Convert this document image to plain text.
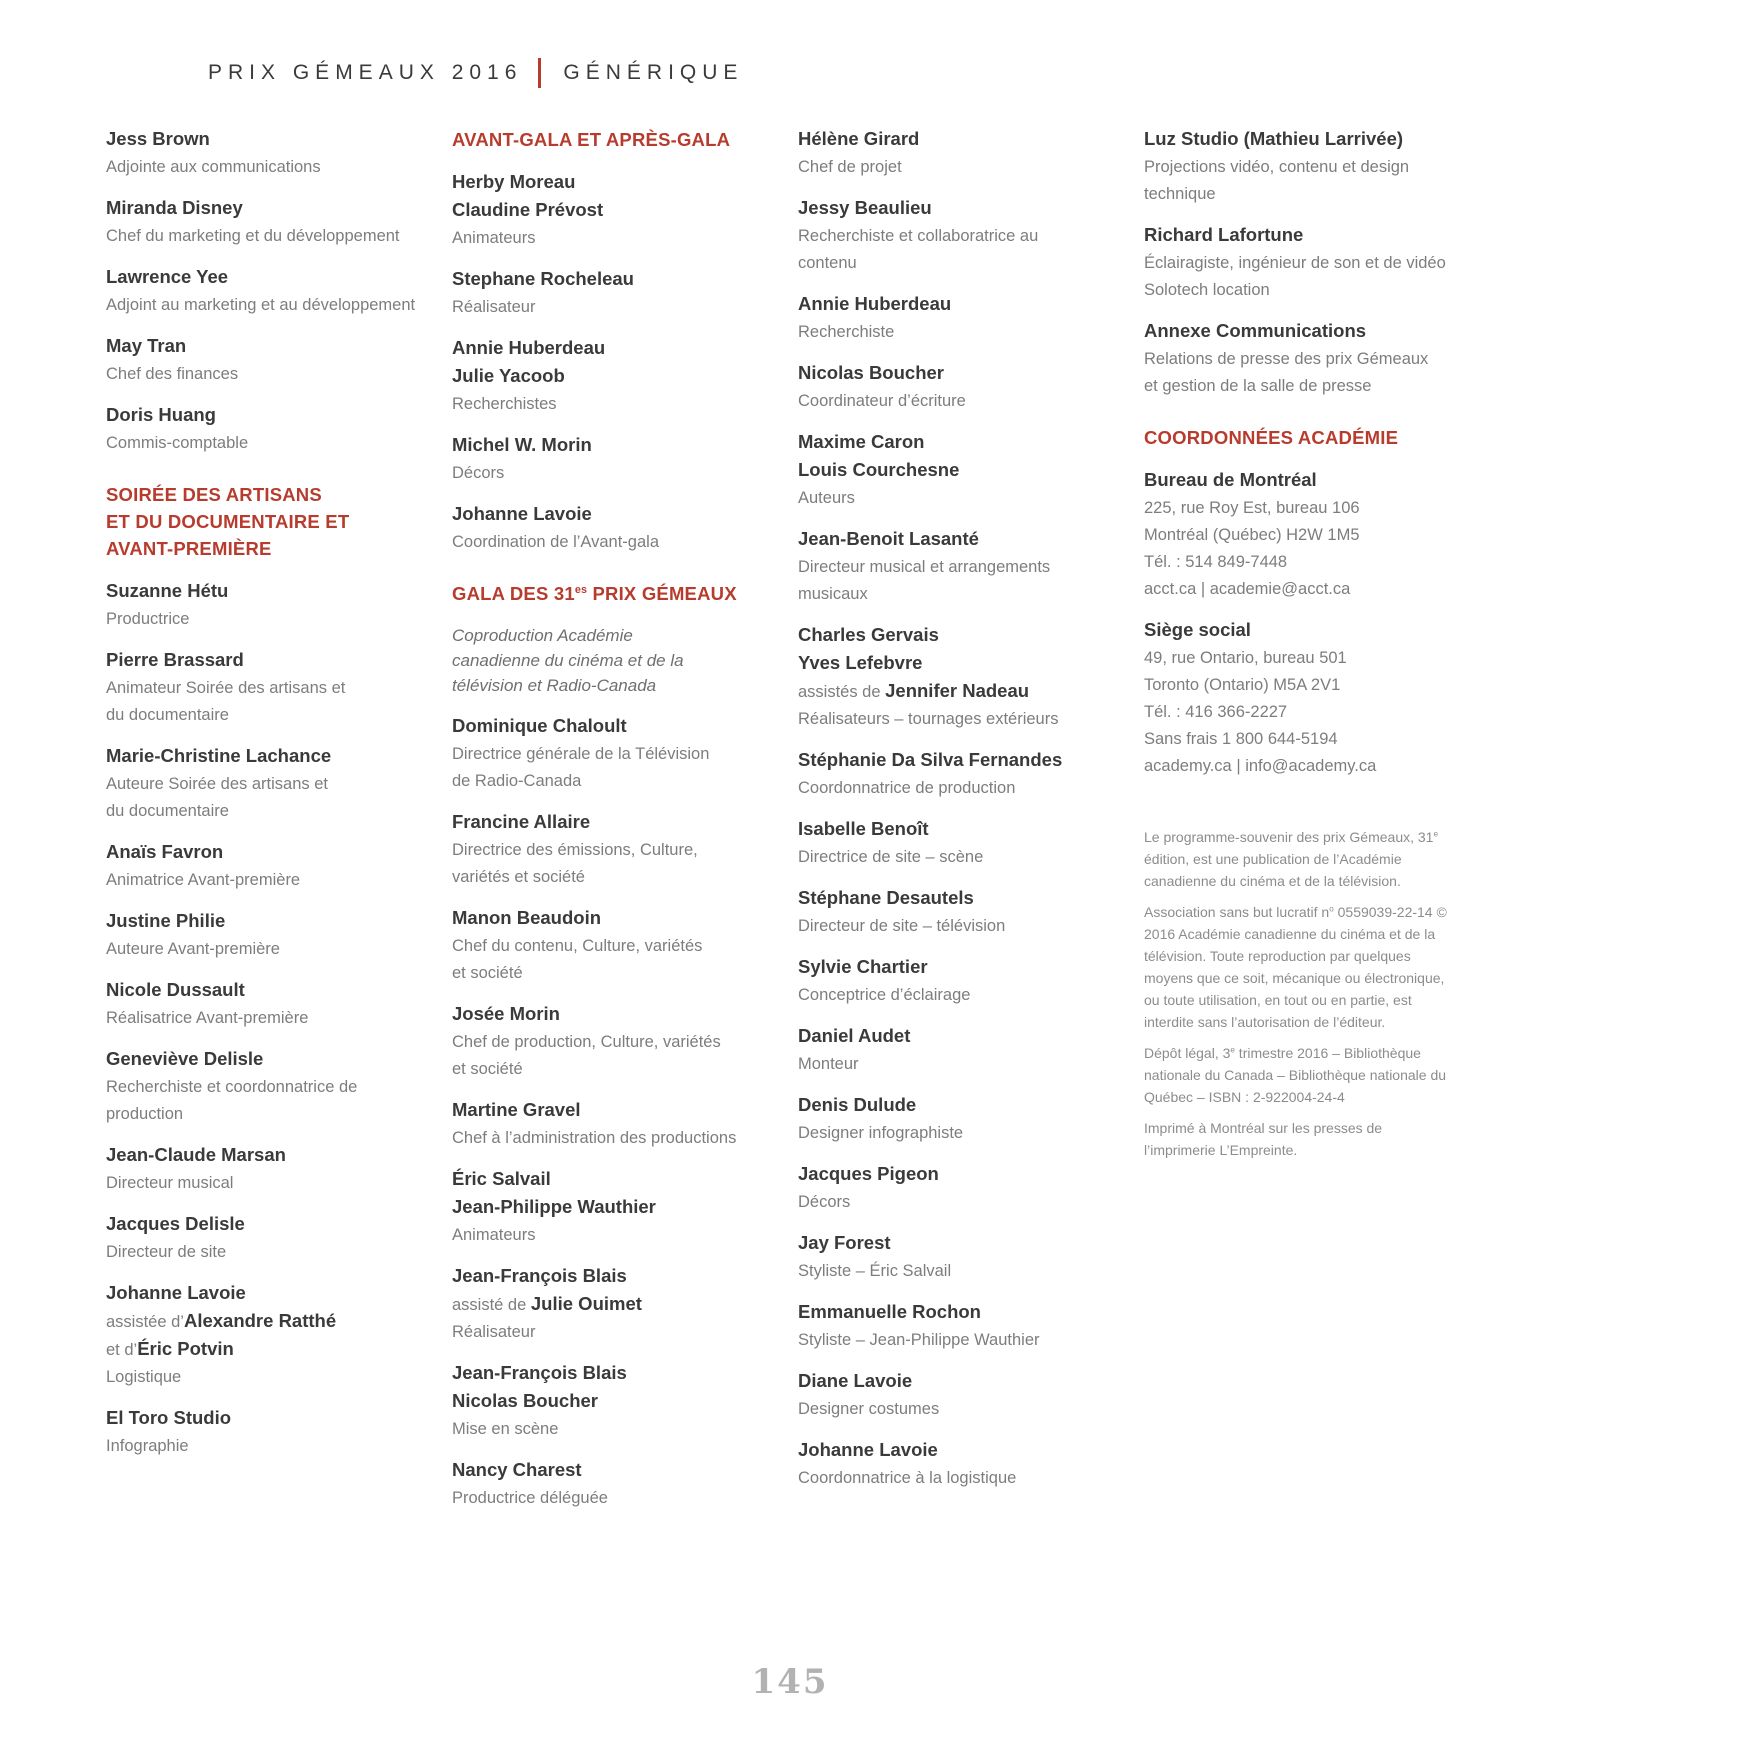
PRIX GÉMEAUX 2016 GÉNÉRIQUE
Jess Brown
Adjointe aux communications
Miranda Disney
Chef du marketing et du développement
Lawrence Yee
Adjoint au marketing et au développement
May Tran
Chef des finances
Doris Huang
Commis-comptable
SOIRÉE DES ARTISANS
ET DU DOCUMENTAIRE ET
AVANT-PREMIÈRE
Suzanne Hétu
Productrice
Pierre Brassard
Animateur Soirée des artisans et
du documentaire
Marie-Christine Lachance
Auteure Soirée des artisans et
du documentaire
Anaïs Favron
Animatrice Avant-première
Justine Philie
Auteure Avant-première
Nicole Dussault
Réalisatrice Avant-première
Geneviève Delisle
Recherchiste et coordonnatrice de
production
Jean-Claude Marsan
Directeur musical
Jacques Delisle
Directeur de site
Johanne Lavoie
assistée d’Alexandre Ratthé
et d’Éric Potvin
Logistique
El Toro Studio
Infographie
AVANT-GALA ET APRÈS-GALA
Herby Moreau
Claudine Prévost
Animateurs
Stephane Rocheleau
Réalisateur
Annie Huberdeau
Julie Yacoob
Recherchistes
Michel W. Morin
Décors
Johanne Lavoie
Coordination de l’Avant-gala
GALA DES $31^{es}$ PRIX GÉMEAUX
Coproduction Académie
canadienne du cinéma et de la
télévision et Radio-Canada
Dominique Chaloult
Directrice générale de la Télévision
de Radio-Canada
Francine Allaire
Directrice des émissions, Culture,
variétés et société
Manon Beaudoin
Chef du contenu, Culture, variétés
et société
Josée Morin
Chef de production, Culture, variétés
et société
Martine Gravel
Chef à l’administration des productions
Éric Salvail
Jean-Philippe Wauthier
Animateurs
Jean-François Blais
assisté de Julie Ouimet
Réalisateur
Jean-François Blais
Nicolas Boucher
Mise en scène
Nancy Charest
Productrice déléguée
Hélène Girard
Chef de projet
Jessy Beaulieu
Recherchiste et collaboratrice au
contenu
Annie Huberdeau
Recherchiste
Nicolas Boucher
Coordinateur d’écriture
Maxime Caron
Louis Courchesne
Auteurs
Jean-Benoit Lasanté
Directeur musical et arrangements
musicaux
Charles Gervais
Yves Lefebvre
assistés de Jennifer Nadeau
Réalisateurs – tournages extérieurs
Stéphanie Da Silva Fernandes
Coordonnatrice de production
Isabelle Benoît
Directrice de site – scène
Stéphane Desautels
Directeur de site – télévision
Sylvie Chartier
Conceptrice d’éclairage
Daniel Audet
Monteur
Denis Dulude
Designer infographiste
Jacques Pigeon
Décors
Jay Forest
Styliste – Éric Salvail
Emmanuelle Rochon
Styliste – Jean-Philippe Wauthier
Diane Lavoie
Designer costumes
Johanne Lavoie
Coordonnatrice à la logistique
Luz Studio (Mathieu Larrivée)
Projections vidéo, contenu et design
technique
Richard Lafortune
Éclairagiste, ingénieur de son et de vidéo
Solotech location
Annexe Communications
Relations de presse des prix Gémeaux
et gestion de la salle de presse
COORDONNÉES ACADÉMIE
Bureau de Montréal
225, rue Roy Est, bureau 106
Montréal (Québec) H2W 1M5
Tél. : 514 849-7448
acct.ca | academie@acct.ca
Siège social
49, rue Ontario, bureau 501
Toronto (Ontario) M5A 2V1
Tél. : 416 366-2227
Sans frais 1 800 644-5194
academy.ca | info@academy.ca
Le programme-souvenir des prix Gémeaux, 31e édition, est une publication de l’Académie canadienne du cinéma et de la télévision.
Association sans but lucratif $n^o$ 0559039-22-14 © 2016 Académie canadienne du cinéma et de la télévision. Toute reproduction par quelques moyens que ce soit, mécanique ou électronique, ou toute utilisation, en tout ou en partie, est interdite sans l’autorisation de l’éditeur.
Dépôt légal, 3e trimestre 2016 – Bibliothèque nationale du Canada – Bibliothèque nationale du Québec – ISBN : 2-922004-24-4
Imprimé à Montréal sur les presses de l’imprimerie L’Empreinte.
145
